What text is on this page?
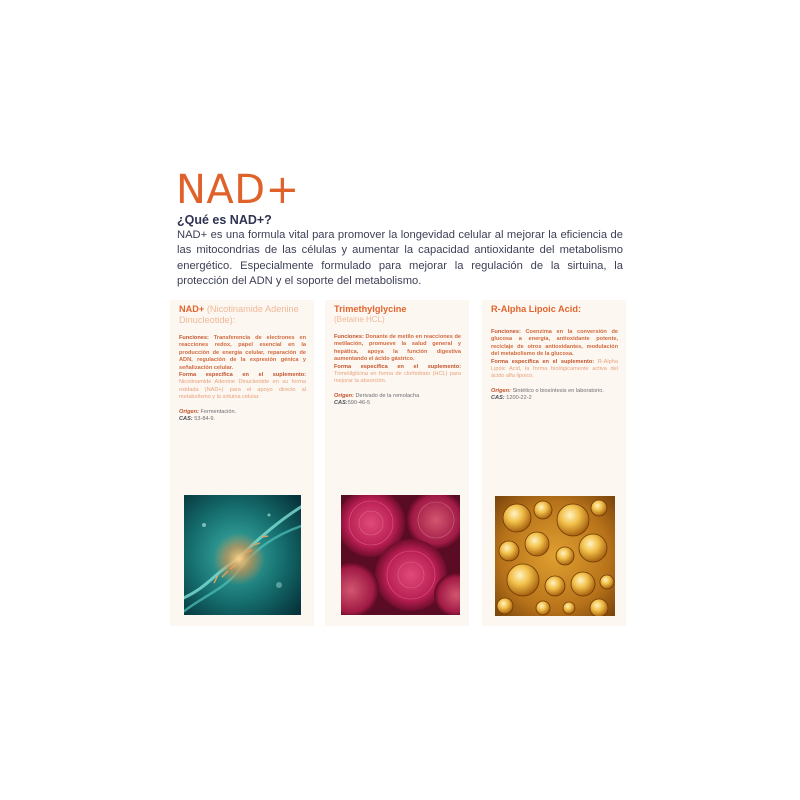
NAD+
¿Qué es NAD+?

NAD+ es una formula vital para promover la longevidad celular al mejorar la eficiencia de las mitocondrias de las células y aumentar la capacidad antioxidante del metabolismo energético. Especialmente formulado para mejorar la regulación de la sirtuina, la protección del ADN y el soporte del metabolismo.

NAD+ (Nicotinamide Adenine Dinucleotide):

Funciones: Transferencia de electrones en reacciones redox, papel esencial en la producción de energía celular, reparación de ADN, regulación de la expresión génica y señalización celular.

Forma específica en el suplemento: Nicotinamide Adenine Dinucleotide en su forma oxidada (NAD+) para el apoyo directo al metabolismo y la sirtuina celular.

Origen: Fermentación.

CAS: 53-84-9.

Trimethylglycine

(Betaine HCL)

Funciones: Donante de metilo en reacciones de metilación, promueve la salud general y hepática, apoya la función digestiva aumentando el ácido gástrico.

Forma específica en el suplemento: Trimetilglicina en forma de clorhidrato (HCL) para mejorar la absorción.

Origen: Derivado de la remolacha

CAS:590-46-5

R-Alpha Lipoic Acid:

Funciones: Coenzima en la conversión de glucosa a energía, antioxidante potente, reciclaje de otros antioxidantes, modulación del metabolismo de la glucosa.

Forma específica en el suplemento: R-Alpha Lipoic Acid, la forma biológicamente activa del ácido alfa lipoico.

Origen: Sintético o biosíntesis en laboratorio.

CAS: 1200-22-2
